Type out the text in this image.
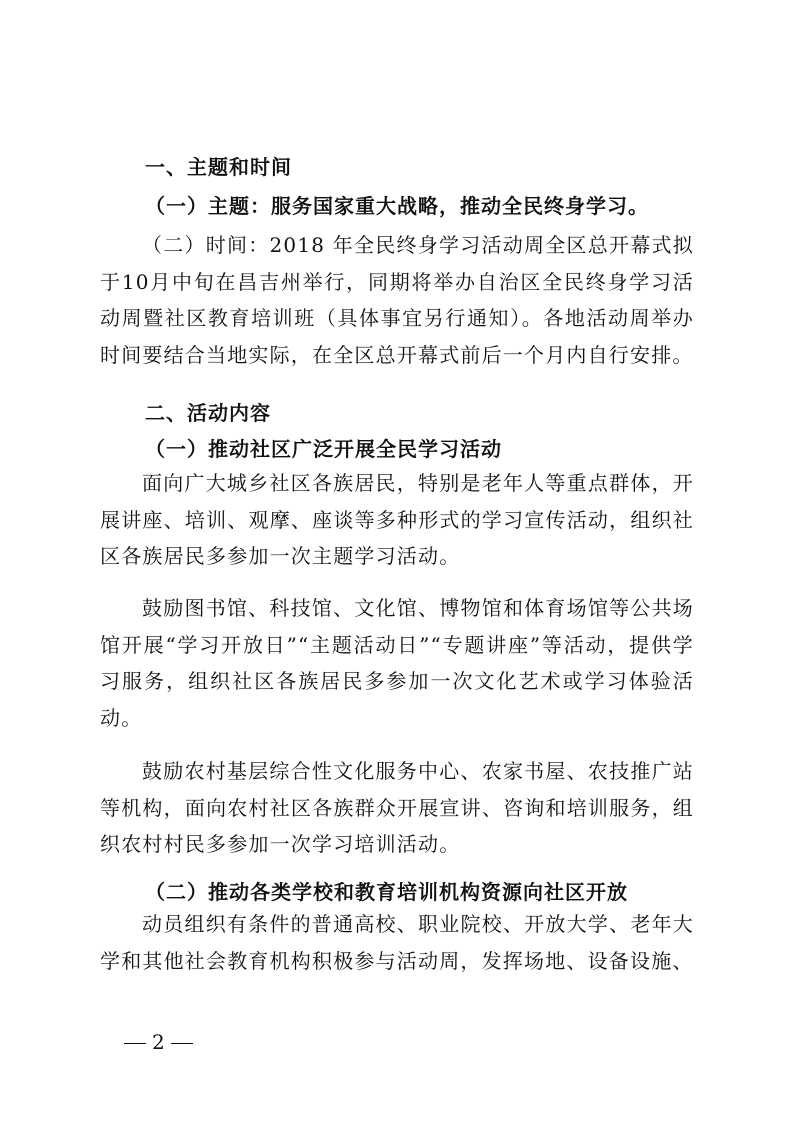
一、主题和时间
（一）主题：服务国家重大战略，推动全民终身学习。

（二）时间：2018 年全民终身学习活动周全区总开幕式拟于10月中旬在昌吉州举行，同期将举办自治区全民终身学习活动周暨社区教育培训班（具体事宜另行通知）。各地活动周举办时间要结合当地实际，在全区总开幕式前后一个月内自行安排。

二、活动内容
（一）推动社区广泛开展全民学习活动

面向广大城乡社区各族居民，特别是老年人等重点群体，开展讲座、培训、观摩、座谈等多种形式的学习宣传活动，组织社区各族居民多参加一次主题学习活动。

鼓励图书馆、科技馆、文化馆、博物馆和体育场馆等公共场馆开展“学习开放日”“主题活动日”“专题讲座”等活动，提供学习服务，组织社区各族居民多参加一次文化艺术或学习体验活动。

鼓励农村基层综合性文化服务中心、农家书屋、农技推广站等机构，面向农村社区各族群众开展宣讲、咨询和培训服务，组织农村村民多参加一次学习培训活动。

（二）推动各类学校和教育培训机构资源向社区开放

动员组织有条件的普通高校、职业院校、开放大学、老年大学和其他社会教育机构积极参与活动周，发挥场地、设备设施、

2
